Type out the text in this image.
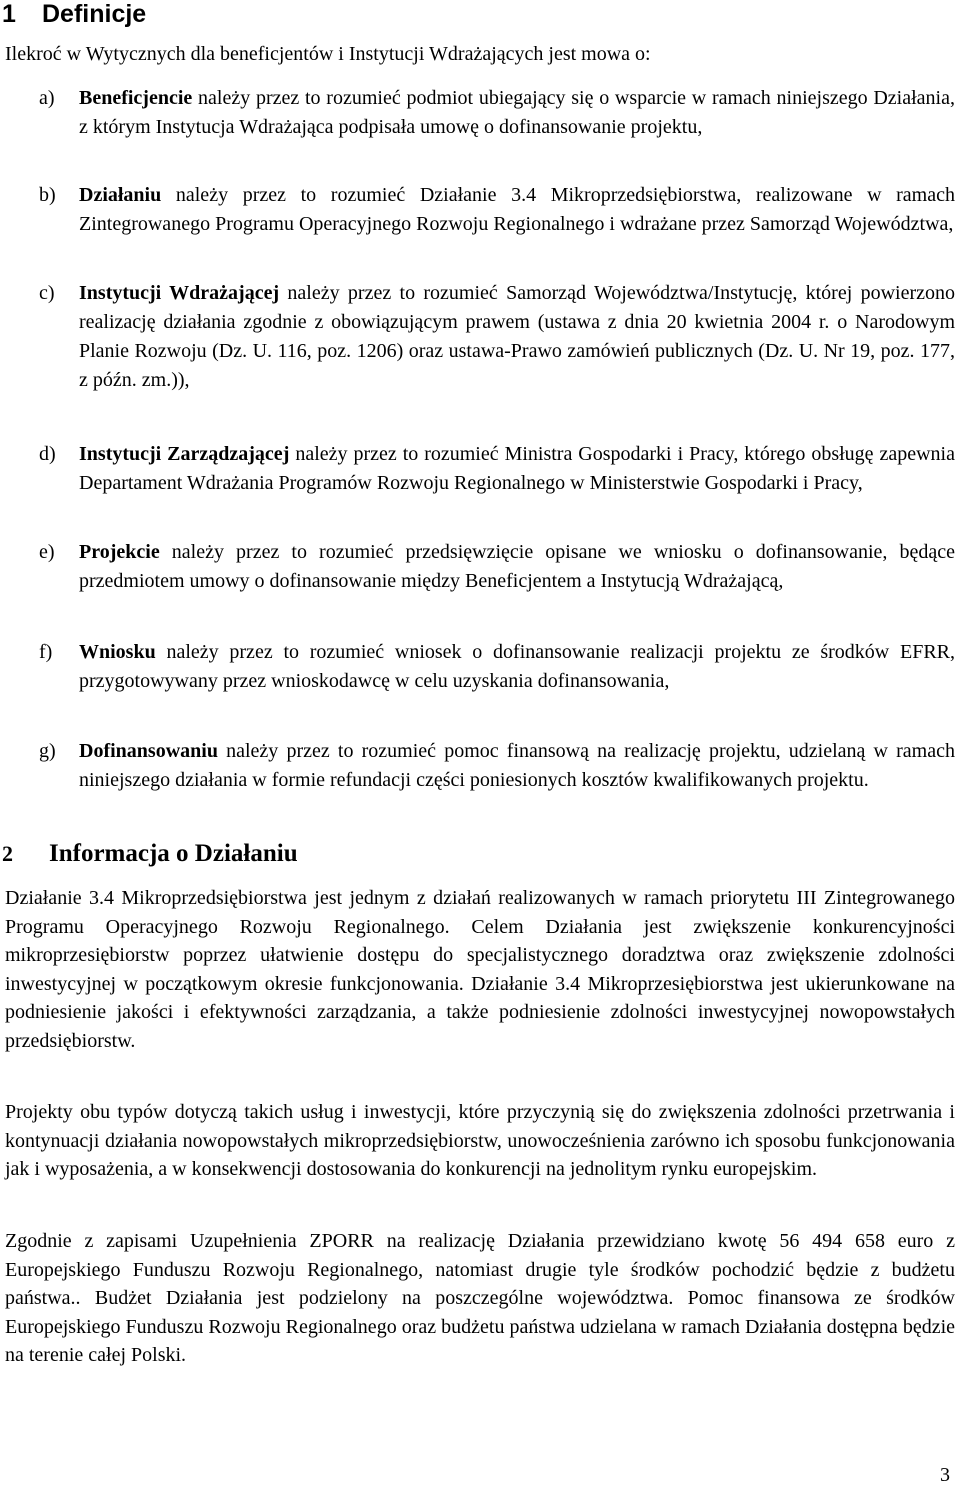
1 Definicje

Ilekroć w Wytycznych dla beneficjentów i Instytucji Wdrażających jest mowa o:

a) Beneficjencie należy przez to rozumieć podmiot ubiegający się o wsparcie w ramach niniejszego Działania, z którym Instytucja Wdrażająca podpisała umowę o dofinansowanie projektu,
b) Działaniu należy przez to rozumieć Działanie 3.4 Mikroprzedsiębiorstwa, realizowane w ramach Zintegrowanego Programu Operacyjnego Rozwoju Regionalnego i wdrażane przez Samorząd Województwa,
c) Instytucji Wdrażającej należy przez to rozumieć Samorząd Województwa/Instytucję, której powierzono realizację działania zgodnie z obowiązującym prawem (ustawa z dnia 20 kwietnia 2004 r. o Narodowym Planie Rozwoju (Dz. U. 116, poz. 1206) oraz ustawa-Prawo zamówień publicznych (Dz. U. Nr 19, poz. 177, z późn. zm.)),
d) Instytucji Zarządzającej należy przez to rozumieć Ministra Gospodarki i Pracy, którego obsługę zapewnia Departament Wdrażania Programów Rozwoju Regionalnego w Ministerstwie Gospodarki i Pracy,
e) Projekcie należy przez to rozumieć przedsięwzięcie opisane we wniosku o dofinansowanie, będące przedmiotem umowy o dofinansowanie między Beneficjentem a Instytucją Wdrażającą,
f) Wniosku należy przez to rozumieć wniosek o dofinansowanie realizacji projektu ze środków EFRR, przygotowywany przez wnioskodawcę w celu uzyskania dofinansowania,
g) Dofinansowaniu należy przez to rozumieć pomoc finansową na realizację projektu, udzielaną w ramach niniejszego działania w formie refundacji części poniesionych kosztów kwalifikowanych projektu.
2 Informacja o Działaniu

Działanie 3.4 Mikroprzedsiębiorstwa jest jednym z działań realizowanych w ramach priorytetu III Zintegrowanego Programu Operacyjnego Rozwoju Regionalnego. Celem Działania jest zwiększenie konkurencyjności mikroprzesiębiorstw poprzez ułatwienie dostępu do specjalistycznego doradztwa oraz zwiększenie zdolności inwestycyjnej w początkowym okresie funkcjonowania. Działanie 3.4 Mikroprzesiębiorstwa jest ukierunkowane na podniesienie jakości i efektywności zarządzania, a także podniesienie zdolności inwestycyjnej nowopowstałych przedsiębiorstw.

Projekty obu typów dotyczą takich usług i inwestycji, które przyczynią się do zwiększenia zdolności przetrwania i kontynuacji działania nowopowstałych mikroprzedsiębiorstw, unowocześnienia zarówno ich sposobu funkcjonowania jak i wyposażenia, a w konsekwencji dostosowania do konkurencji na jednolitym rynku europejskim.

Zgodnie z zapisami Uzupełnienia ZPORR na realizację Działania przewidziano kwotę 56 494 658 euro z Europejskiego Funduszu Rozwoju Regionalnego, natomiast drugie tyle środków pochodzić będzie z budżetu państwa.. Budżet Działania jest podzielony na poszczególne województwa. Pomoc finansowa ze środków Europejskiego Funduszu Rozwoju Regionalnego oraz budżetu państwa udzielana w ramach Działania dostępna będzie na terenie całej Polski.

3
